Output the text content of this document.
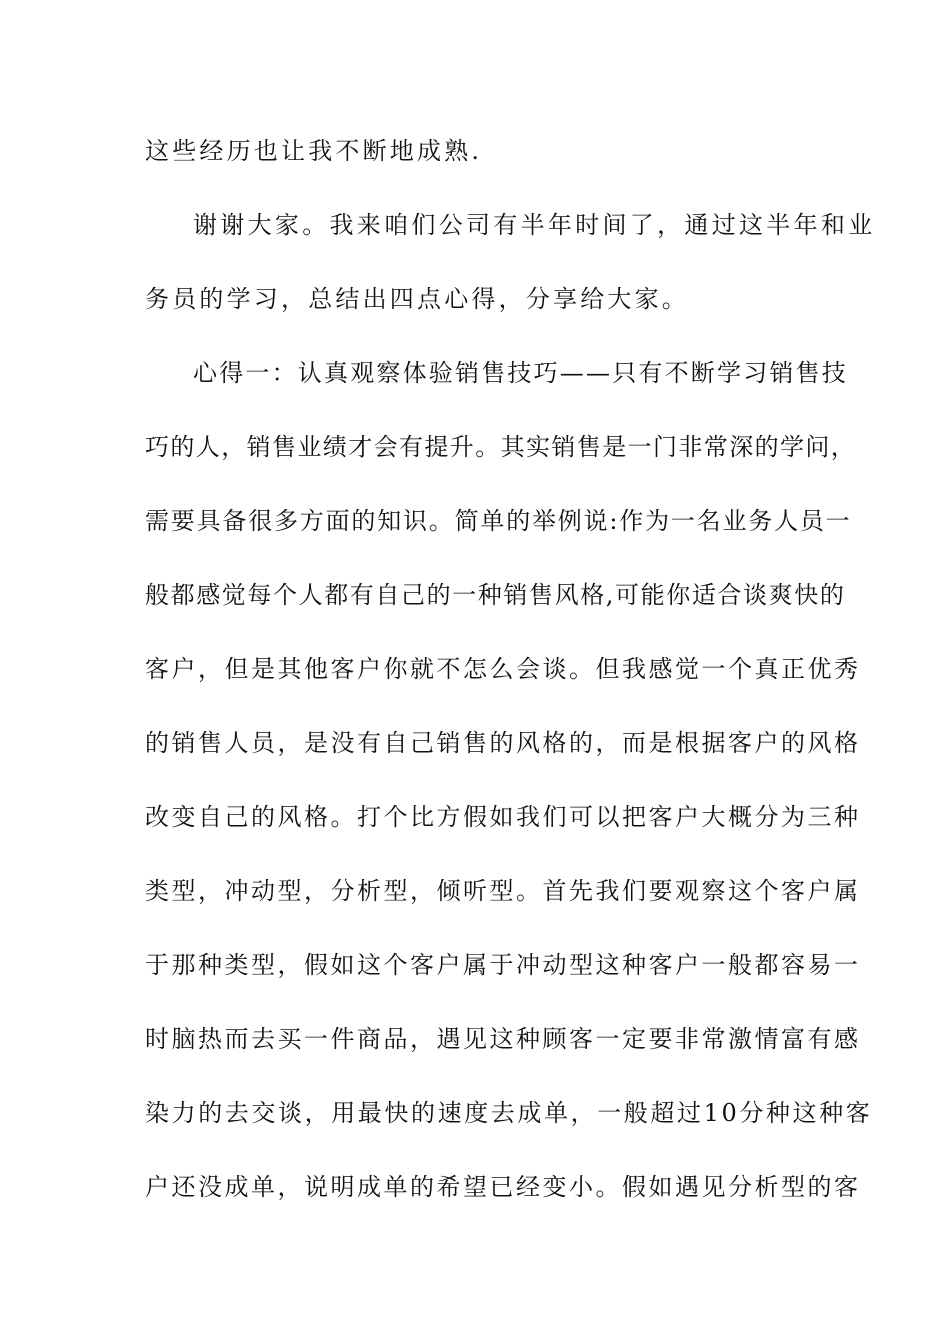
这些经历也让我不断地成熟.
谢谢大家。我来咱们公司有半年时间了，通过这半年和业
务员的学习，总结出四点心得，分享给大家。
心得一：认真观察体验销售技巧——只有不断学习销售技
巧的人，销售业绩才会有提升。其实销售是一门非常深的学问，
需要具备很多方面的知识。简单的举例说:作为一名业务人员一
般都感觉每个人都有自己的一种销售风格,可能你适合谈爽快的
客户，但是其他客户你就不怎么会谈。但我感觉一个真正优秀
的销售人员，是没有自己销售的风格的，而是根据客户的风格
改变自己的风格。打个比方假如我们可以把客户大概分为三种
类型，冲动型，分析型，倾听型。首先我们要观察这个客户属
于那种类型，假如这个客户属于冲动型这种客户一般都容易一
时脑热而去买一件商品，遇见这种顾客一定要非常激情富有感
染力的去交谈，用最快的速度去成单，一般超过10分种这种客
户还没成单，说明成单的希望已经变小。假如遇见分析型的客
